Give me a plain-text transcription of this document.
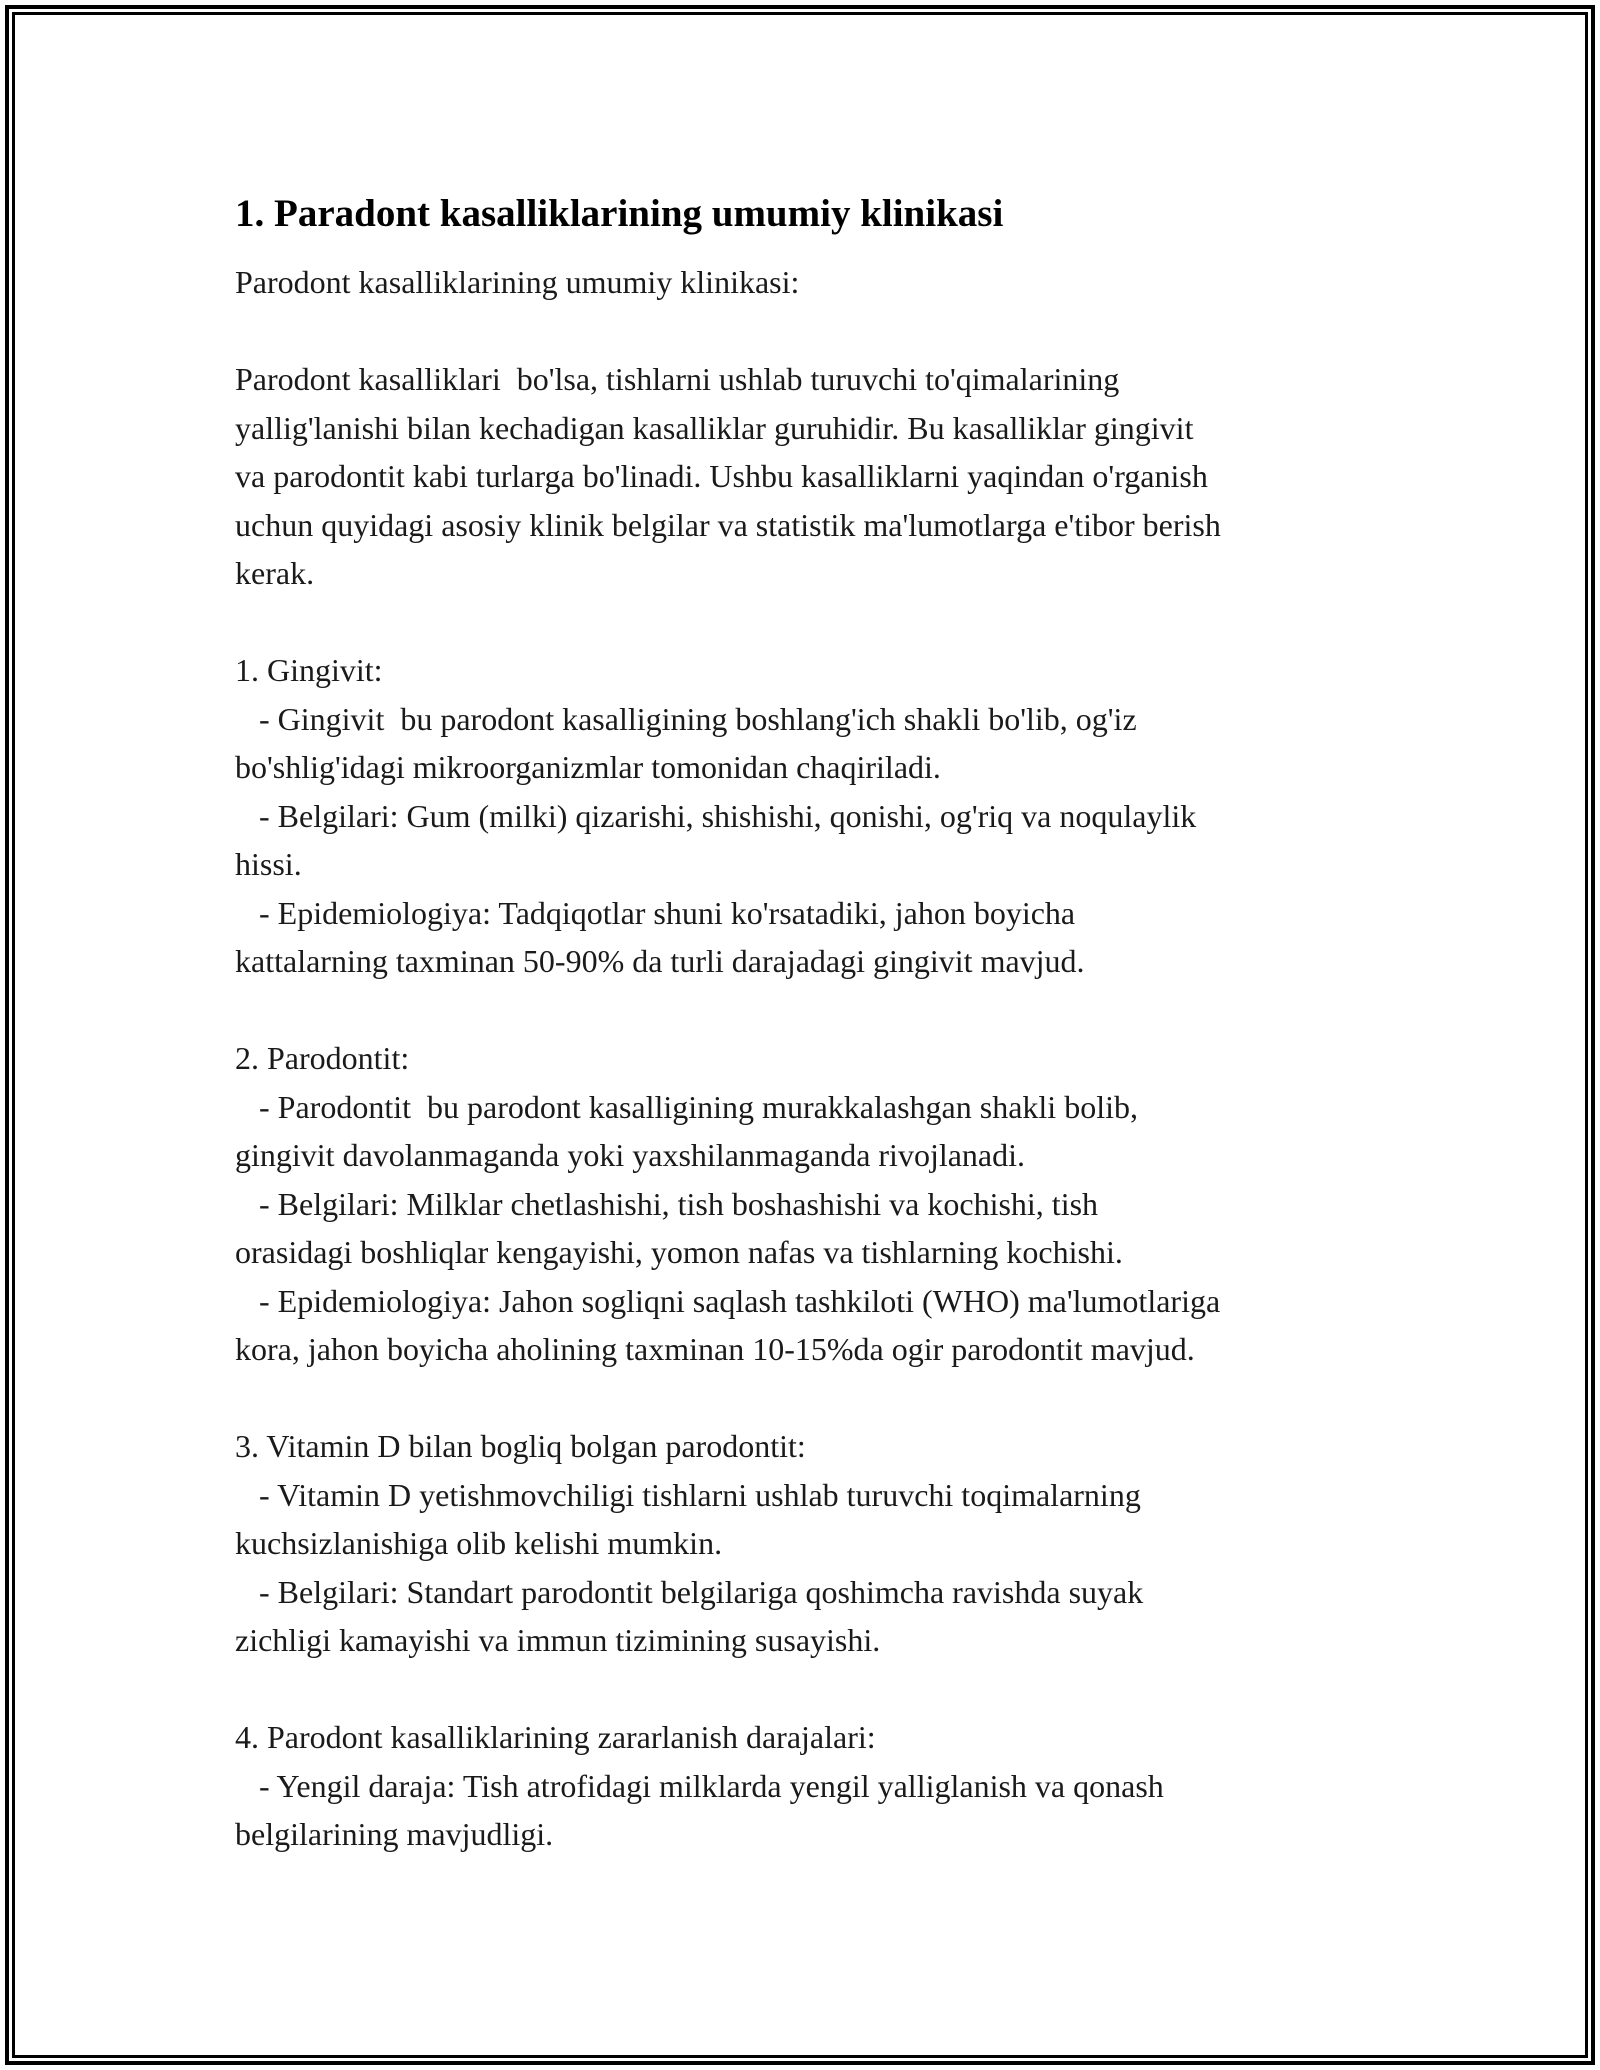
1. Paradont kasalliklarining umumiy klinikasi

Parodont kasalliklarining umumiy klinikasi:

Parodont kasalliklari  bo'lsa, tishlarni ushlab turuvchi to'qimalarining
yallig'lanishi bilan kechadigan kasalliklar guruhidir. Bu kasalliklar gingivit
va parodontit kabi turlarga bo'linadi. Ushbu kasalliklarni yaqindan o'rganish
uchun quyidagi asosiy klinik belgilar va statistik ma'lumotlarga e'tibor berish
kerak.

1. Gingivit:

- Gingivit  bu parodont kasalligining boshlang'ich shakli bo'lib, og'iz
bo'shlig'idagi mikroorganizmlar tomonidan chaqiriladi.

- Belgilari: Gum (milki) qizarishi, shishishi, qonishi, og'riq va noqulaylik
hissi.

- Epidemiologiya: Tadqiqotlar shuni ko'rsatadiki, jahon boyicha
kattalarning taxminan 50-90% da turli darajadagi gingivit mavjud.

2. Parodontit:

- Parodontit  bu parodont kasalligining murakkalashgan shakli bolib,
gingivit davolanmaganda yoki yaxshilanmaganda rivojlanadi.

- Belgilari: Milklar chetlashishi, tish boshashishi va kochishi, tish
orasidagi boshliqlar kengayishi, yomon nafas va tishlarning kochishi.

- Epidemiologiya: Jahon sogliqni saqlash tashkiloti (WHO) ma'lumotlariga
kora, jahon boyicha aholining taxminan 10-15%da ogir parodontit mavjud.

3. Vitamin D bilan bogliq bolgan parodontit:

- Vitamin D yetishmovchiligi tishlarni ushlab turuvchi toqimalarning
kuchsizlanishiga olib kelishi mumkin.

- Belgilari: Standart parodontit belgilariga qoshimcha ravishda suyak
zichligi kamayishi va immun tizimining susayishi.

4. Parodont kasalliklarining zararlanish darajalari:

- Yengil daraja: Tish atrofidagi milklarda yengil yalliglanish va qonash
belgilarining mavjudligi.
